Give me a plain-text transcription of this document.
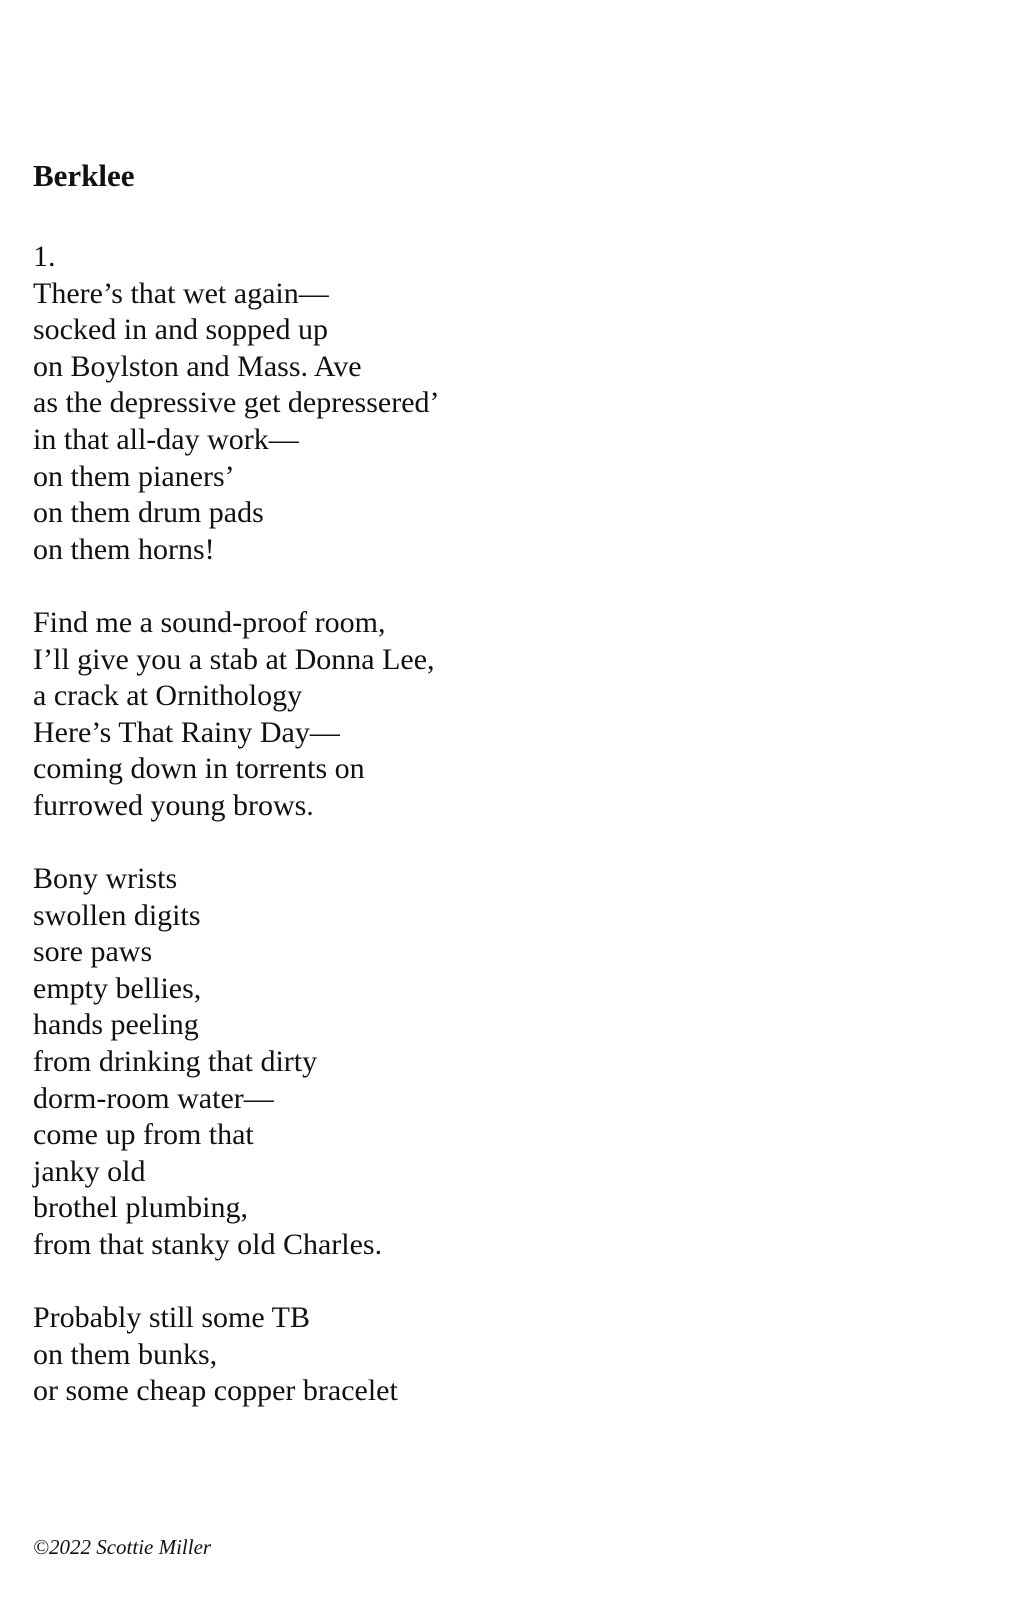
Berklee
1.
There’s that wet again—
socked in and sopped up
on Boylston and Mass. Ave
as the depressive get depressered’
in that all-day work—
on them pianers’
on them drum pads
on them horns!
Find me a sound-proof room,
I’ll give you a stab at Donna Lee,
a crack at Ornithology
Here’s That Rainy Day—
coming down in torrents on
furrowed young brows.
Bony wrists
swollen digits
sore paws
empty bellies,
hands peeling
from drinking that dirty
dorm-room water—
come up from that
janky old
brothel plumbing,
from that stanky old Charles.
Probably still some TB
on them bunks,
or some cheap copper bracelet
©2022 Scottie Miller
